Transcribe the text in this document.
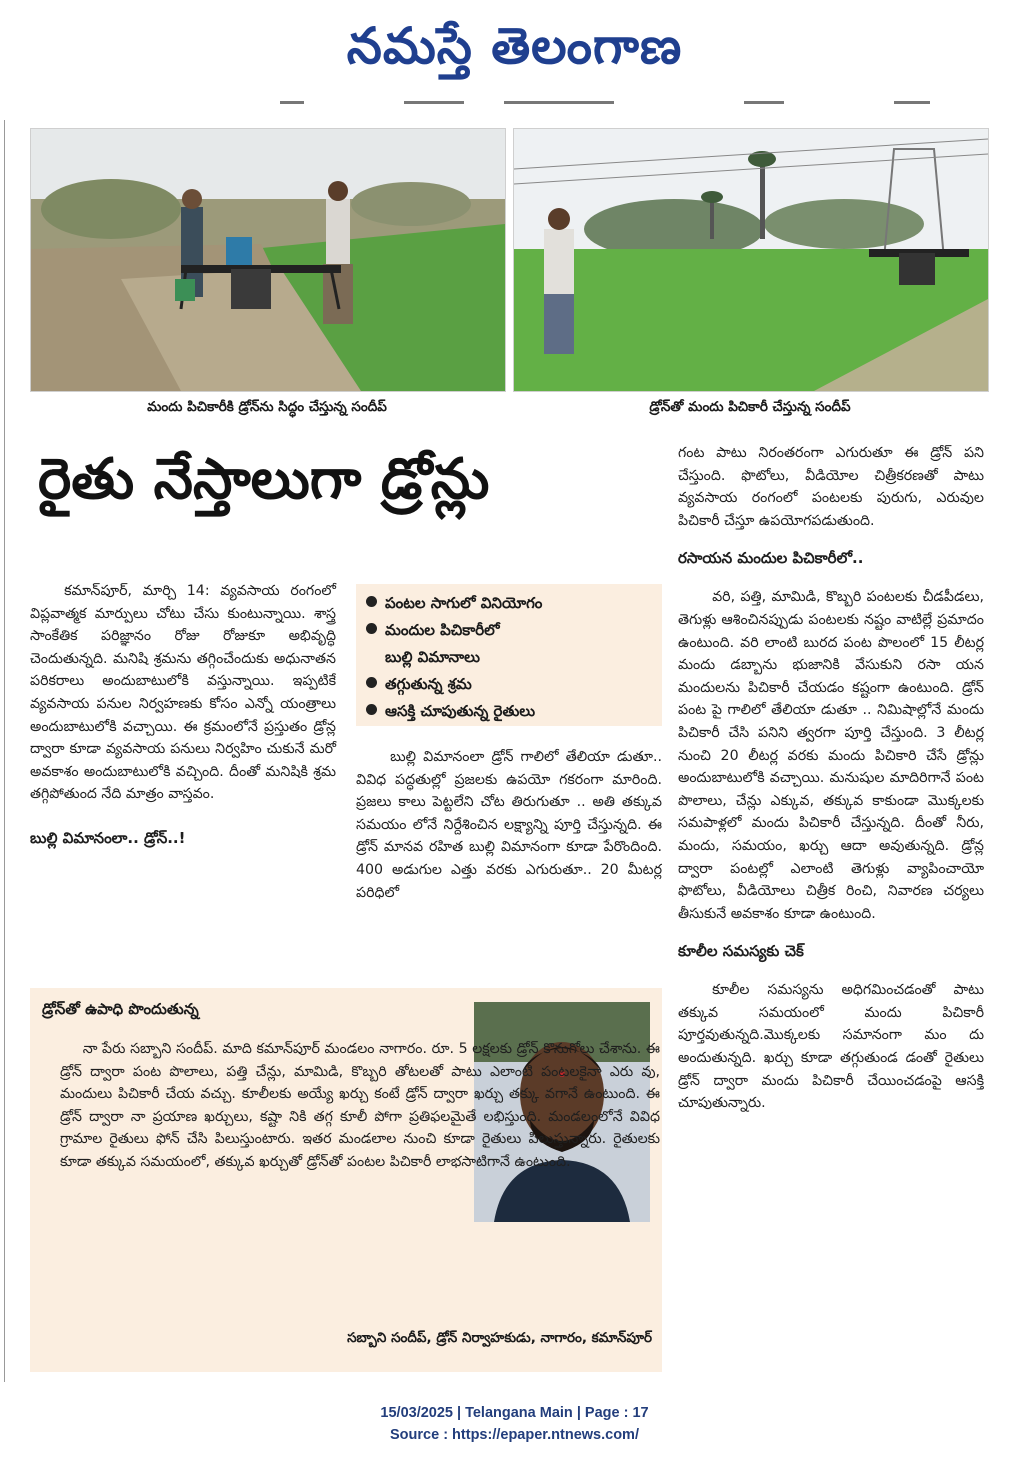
నమస్తే తెలంగాణ
మందు పిచికారీకి డ్రోన్‌ను సిద్ధం చేస్తున్న సందీప్	డ్రోన్‌తో మందు పిచికారీ చేస్తున్న సందీప్
రైతు నేస్తాలుగా డ్రోన్లు

కమాన్‌పూర్, మార్చి 14: వ్యవసాయ రంగంలో విప్లవాత్మక మార్పులు చోటు చేసు కుంటున్నాయి. శాస్త్ర సాంకేతిక పరిజ్ఞానం రోజు రోజుకూ అభివృద్ధి చెందుతున్నది. మనిషి శ్రమను తగ్గించేందుకు అధునాతన పరికరాలు అందుబాటులోకి వస్తున్నాయి. ఇప్పటికే వ్యవసాయ పనుల నిర్వహణకు కోసం ఎన్నో యంత్రాలు అందుబాటులోకి వచ్చాయి. ఈ క్రమంలోనే ప్రస్తుతం డ్రోన్ల ద్వారా కూడా వ్యవసాయ పనులు నిర్వహిం చుకునే మరో అవకాశం అందుబాటులోకి వచ్చింది. దీంతో మనిషికి శ్రమ తగ్గిపోతుంద నేది మాత్రం వాస్తవం.

బుల్లి విమానంలా.. డ్రోన్..!
పంటల సాగులో వినియోగం
మందుల పిచికారీలో
బుల్లి విమానాలు
తగ్గుతున్న శ్రమ
ఆసక్తి చూపుతున్న రైతులు

బుల్లి విమానంలా డ్రోన్ గాలిలో తేలియా డుతూ.. వివిధ పద్ధతుల్లో ప్రజలకు ఉపయో గకరంగా మారింది. ప్రజలు కాలు పెట్టలేని చోట తిరుగుతూ .. అతి తక్కువ సమయం లోనే నిర్దేశించిన లక్ష్యాన్ని పూర్తి చేస్తున్నది. ఈ డ్రోన్ మానవ రహిత బుల్లి విమానంగా కూడా పేరొందింది. 400 అడుగుల ఎత్తు వరకు ఎగురుతూ.. 20 మీటర్ల పరిధిలో

గంట పాటు నిరంతరంగా ఎగురుతూ ఈ డ్రోన్ పని చేస్తుంది. ఫొటోలు, వీడియోల చిత్రీకరణతో పాటు వ్యవసాయ రంగంలో పంటలకు పురుగు, ఎరువుల పిచికారీ చేస్తూ ఉపయోగపడుతుంది.

రసాయన మందుల పిచికారీలో..

వరి, పత్తి, మామిడి, కొబ్బరి పంటలకు చీడపీడలు, తెగుళ్లు ఆశించినప్పుడు పంటలకు నష్టం వాటిల్లే ప్రమాదం ఉంటుంది. వరి లాంటి బురద పంట పొలంలో 15 లీటర్ల మందు డబ్బాను భుజానికి వేసుకుని రసా యన మందులను పిచికారీ చేయడం కష్టంగా ఉంటుంది. డ్రోన్ పంట పై గాలిలో తేలియా డుతూ .. నిమిషాల్లోనే మందు పిచికారీ చేసి పనిని త్వరగా పూర్తి చేస్తుంది. 3 లీటర్ల నుంచి 20 లీటర్ల వరకు మందు పిచికారి చేసే డ్రోన్లు అందుబాటులోకి వచ్చాయి. మనుషుల మాదిరిగానే పంట పొలాలు, చేన్లు ఎక్కువ, తక్కువ కాకుండా మొక్కలకు సమపాళ్లలో మందు పిచికారీ చేస్తున్నది. దీంతో నీరు, మందు, సమయం, ఖర్చు ఆదా అవుతున్నది. డ్రోన్ల ద్వారా పంటల్లో ఎలాంటి తెగుళ్లు వ్యాపించాయో ఫొటోలు, వీడియోలు చిత్రీక రించి, నివారణ చర్యలు తీసుకునే అవకాశం కూడా ఉంటుంది.

కూలీల సమస్యకు చెక్

కూలీల సమస్యను అధిగమించడంతో పాటు తక్కువ సమయంలో మందు పిచికారీ పూర్తవుతున్నది.మొక్కలకు సమానంగా మం దు అందుతున్నది. ఖర్చు కూడా తగ్గుతుండ డంతో రైతులు డ్రోన్ ద్వారా మందు పిచికారీ చేయించడంపై ఆసక్తి చూపుతున్నారు.

డ్రోన్‌తో ఉపాధి పొందుతున్న

నా పేరు సబ్బాని సందీప్. మాది కమాన్‌పూర్ మండలం నాగారం. రూ. 5 లక్షలకు డ్రోన్ కొనుగోలు చేశాను. ఈ డ్రోన్ ద్వారా పంట పొలాలు, పత్తి చేన్లు, మామిడి, కొబ్బరి తోటలతో పాటు ఎలాంటి పంటలకైనా ఎరు వు, మందులు పిచికారీ చేయ వచ్చు. కూలీలకు అయ్యే ఖర్చు కంటే డ్రోన్ ద్వారా ఖర్చు తక్కు వగానే ఉంటుంది. ఈ డ్రోన్ ద్వారా నా ప్రయాణ ఖర్చులు, కష్టా నికి తగ్గ కూలీ పోగా ప్రతిఫలమైతే లభిస్తుంది. మండలంలోనే వివిధ గ్రామాల రైతులు ఫోన్ చేసి పిలుస్తుంటారు. ఇతర మండలాల నుంచి కూడా రైతులు పిలుస్తున్నారు. రైతులకు కూడా తక్కువ సమయంలో, తక్కువ ఖర్చుతో డ్రోన్‌తో పంటల పిచికారీ లాభసాటిగానే ఉంటుంది.

సబ్బాని సందీప్, డ్రోన్ నిర్వాహకుడు, నాగారం, కమాన్‌పూర్
15/03/2025 | Telangana Main | Page : 17
Source : https://epaper.ntnews.com/
